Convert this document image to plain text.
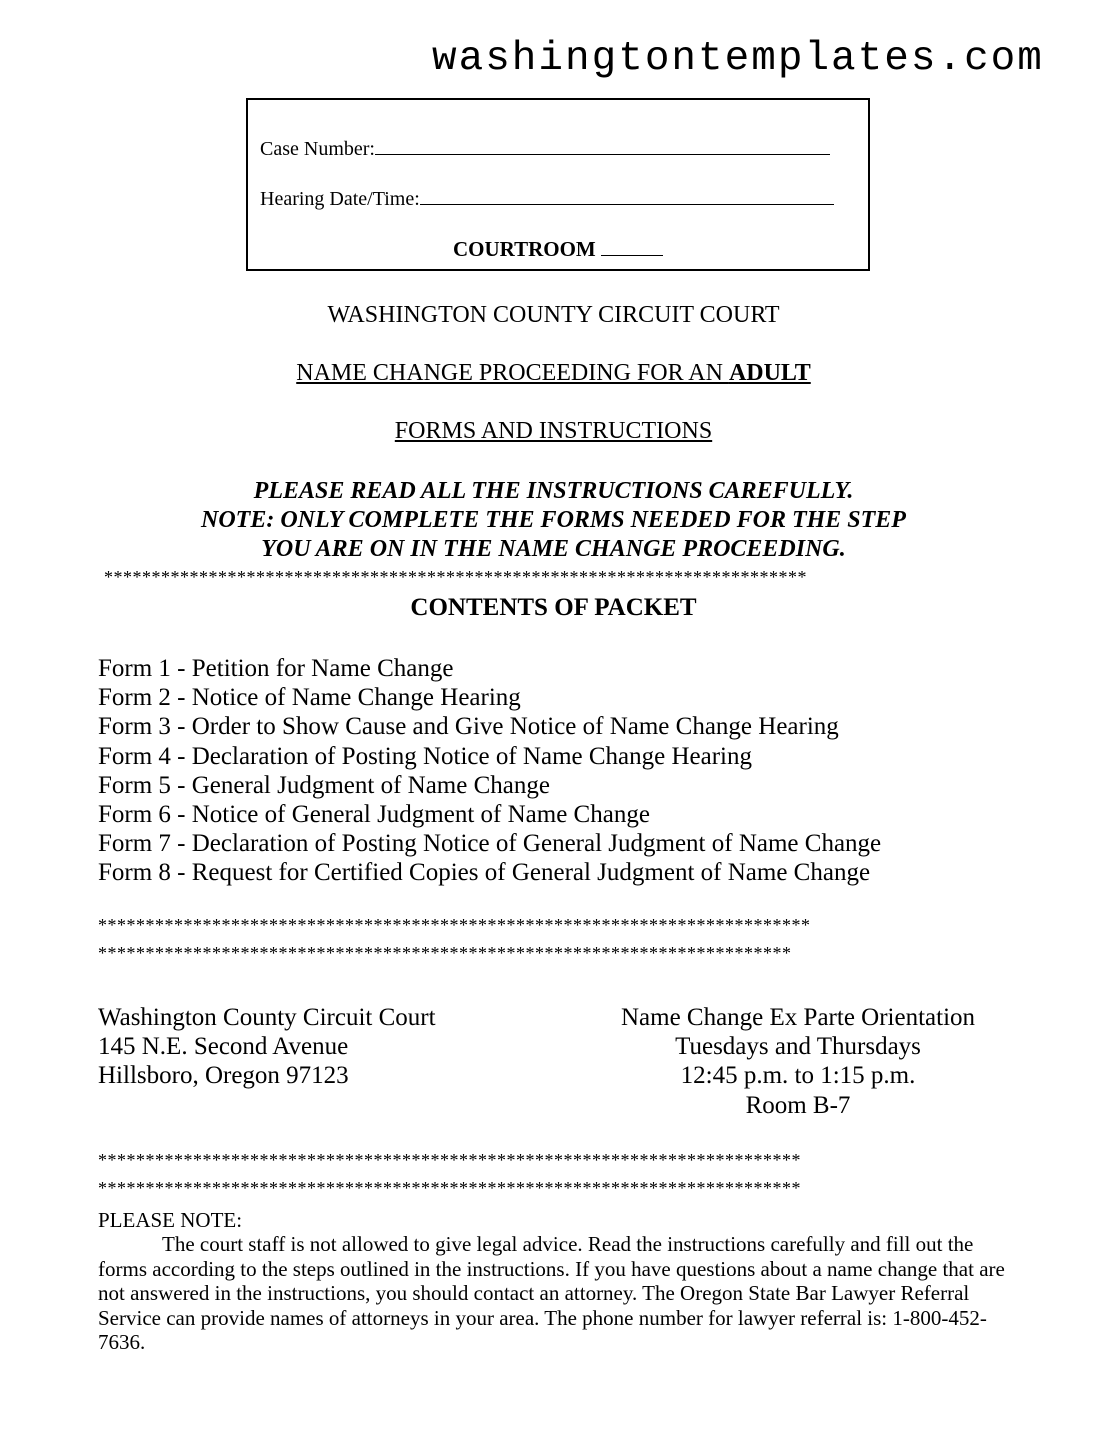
washingtontemplates.com
Case Number:
Hearing Date/Time:
COURTROOM
WASHINGTON COUNTY CIRCUIT COURT
NAME CHANGE PROCEEDING FOR AN ADULT
FORMS AND INSTRUCTIONS
PLEASE READ ALL THE INSTRUCTIONS CAREFULLY.
NOTE: ONLY COMPLETE THE FORMS NEEDED FOR THE STEP
YOU ARE ON IN THE NAME CHANGE PROCEEDING.
**************************************************************************
CONTENTS OF PACKET
Form 1 - Petition for Name Change
Form 2 - Notice of Name Change Hearing
Form 3 - Order to Show Cause and Give Notice of Name Change Hearing
Form 4 - Declaration of Posting Notice of Name Change Hearing
Form 5 - General Judgment of Name Change
Form 6 - Notice of General Judgment of Name Change
Form 7 - Declaration of Posting Notice of General Judgment of Name Change
Form 8 - Request for Certified Copies of General Judgment of Name Change
***************************************************************************
*************************************************************************
Washington County Circuit Court
145 N.E. Second Avenue
Hillsboro, Oregon 97123
Name Change Ex Parte Orientation
Tuesdays and Thursdays
12:45 p.m. to 1:15 p.m.
Room B-7
**************************************************************************
**************************************************************************
PLEASE NOTE:
The court staff is not allowed to give legal advice. Read the instructions carefully and fill out the forms according to the steps outlined in the instructions. If you have questions about a name change that are not answered in the instructions, you should contact an attorney. The Oregon State Bar Lawyer Referral Service can provide names of attorneys in your area. The phone number for lawyer referral is: 1-800-452-7636.
